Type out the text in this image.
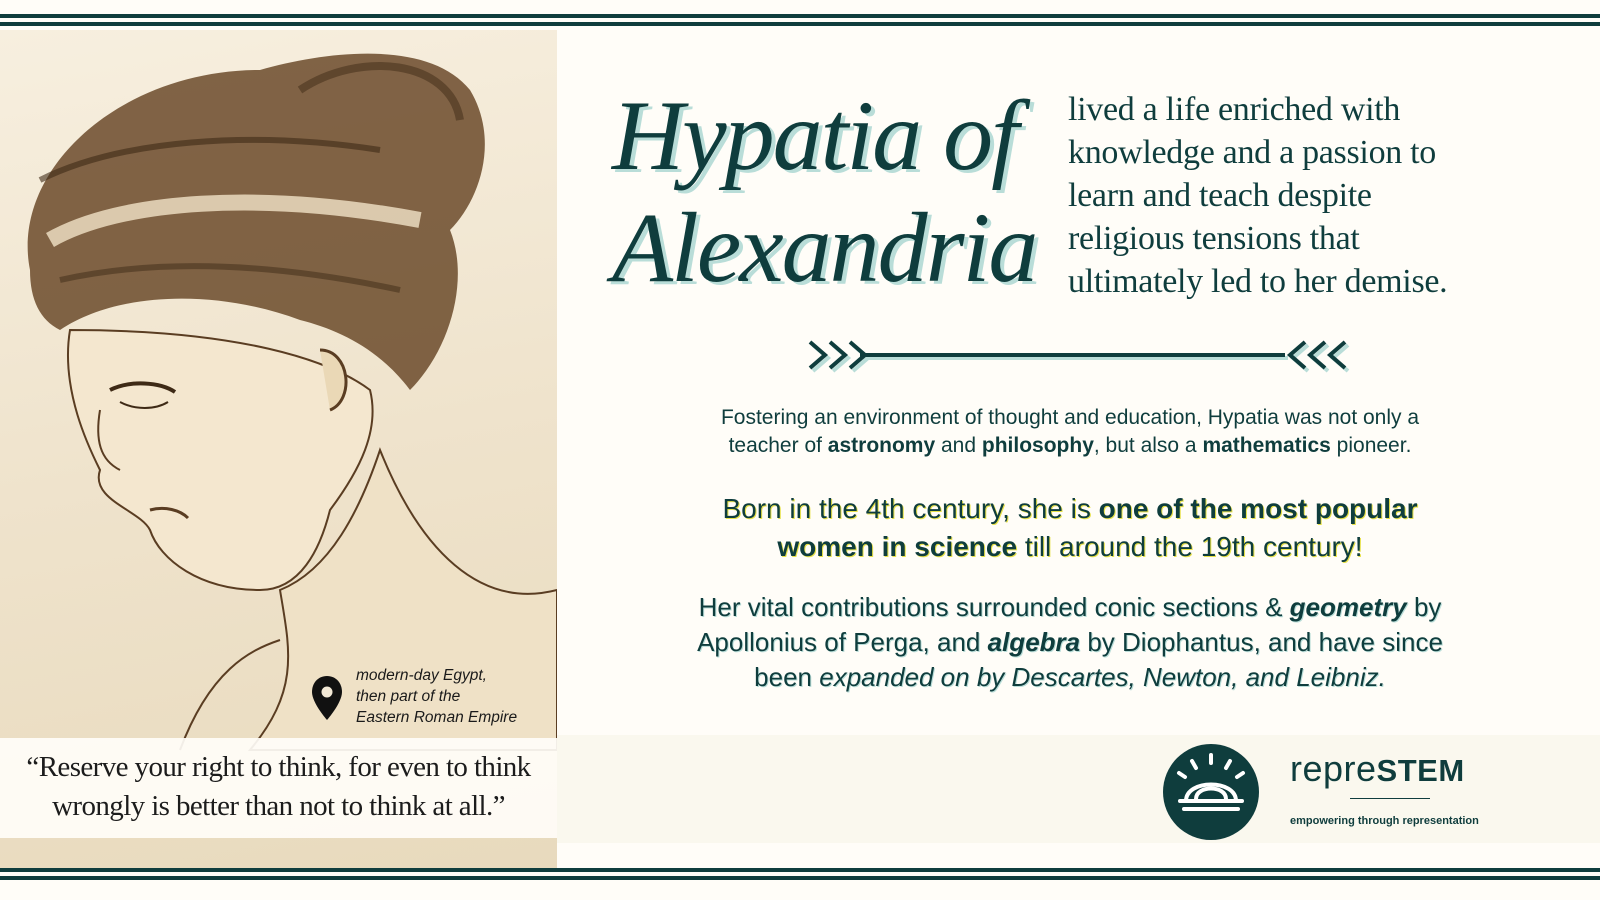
modern-day Egypt,
then part of the
Eastern Roman Empire
“Reserve your right to think, for even to think
wrongly is better than not to think at all.”
Hypatia of
Alexandria
lived a life enriched with
knowledge and a passion to
learn and teach despite
religious tensions that
ultimately led to her demise.
Fostering an environment of thought and education, Hypatia was not only a
teacher of astronomy and philosophy, but also a mathematics pioneer.
Born in the 4th century, she is one of the most popular
women in science till around the 19th century!
Her vital contributions surrounded conic sections & geometry by
Apollonius of Perga, and algebra by Diophantus, and have since
been expanded on by Descartes, Newton, and Leibniz.
repreSTEM
empowering through representation
